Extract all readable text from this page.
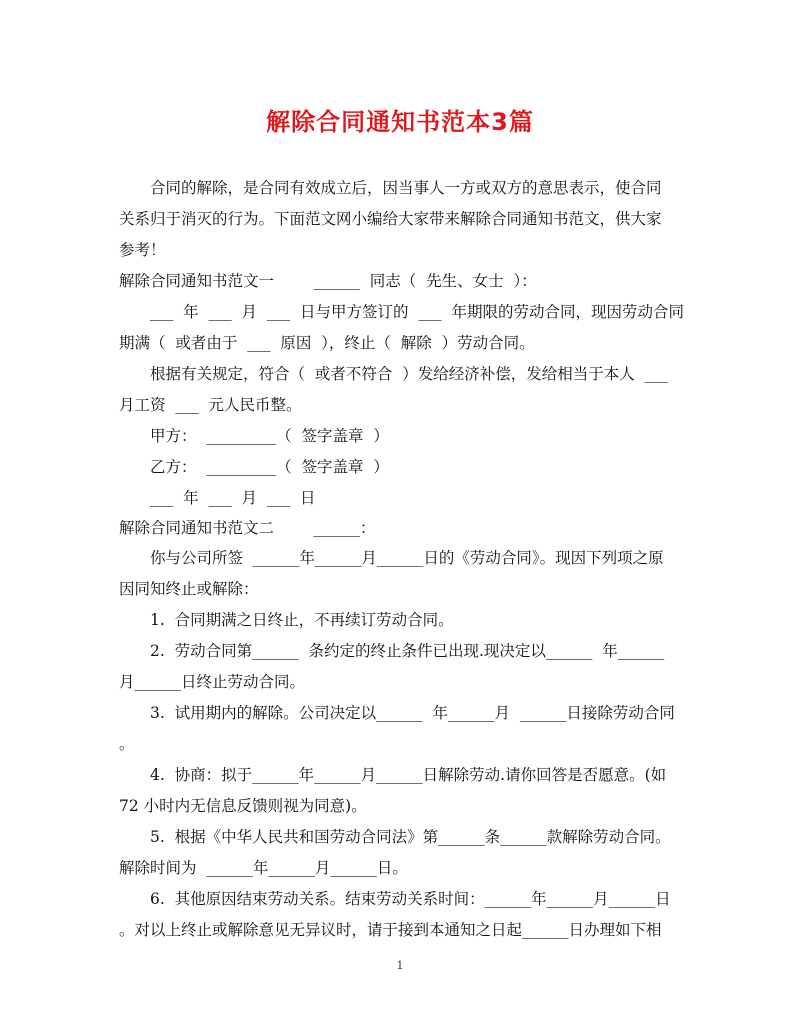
解除合同通知书范本3篇
合同的解除，是合同有效成立后，因当事人一方或双方的意思表示，使合同
关系归于消灭的行为。下面范文网小编给大家带来解除合同通知书范文，供大家
参考！
解除合同通知书范文一        ______  同志（  先生、女士  ）：
___  年  ___  月  ___  日与甲方签订的  ___  年期限的劳动合同，现因劳动合同
期满（  或者由于  ___  原因  ），终止（  解除  ）劳动合同。
根据有关规定，符合（  或者不符合  ）发给经济补偿，发给相当于本人  ___
月工资  ___  元人民币整。
甲方：  _________（  签字盖章  ）
乙方：  _________（  签字盖章  ）
___  年  ___  月  ___  日
解除合同通知书范文二        ______：
你与公司所签  ______年______月______日的《劳动合同》。现因下列项之原
因同知终止或解除：
1.  合同期满之日终止，不再续订劳动合同。
2.  劳动合同第______  条约定的终止条件已出现.现决定以______  年______
月______日终止劳动合同。
3.  试用期内的解除。公司决定以______  年______月  ______日接除劳动合同
。
4.  协商：拟于______年______月______日解除劳动.请你回答是否愿意。(如
72 小时内无信息反馈则视为同意)。
5.  根据《中华人民共和国劳动合同法》第______条______款解除劳动合同。
解除时间为  ______年______月______日。
6.  其他原因结束劳动关系。结束劳动关系时间：______年______月______日
。对以上终止或解除意见无异议时，请于接到本通知之日起______日办理如下相
1
